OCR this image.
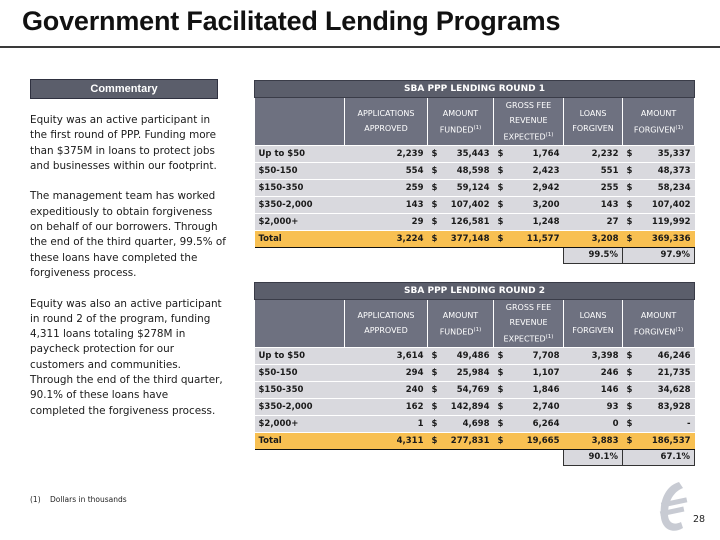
Government Facilitated Lending Programs
Commentary

Equity was an active participant in the first round of PPP. Funding more than $375M in loans to protect jobs and businesses within our footprint.

The management team has worked expeditiously to obtain forgiveness on behalf of our borrowers. Through the end of the third quarter, 99.5% of these loans have completed the forgiveness process.

Equity was also an active participant in round 2 of the program, funding 4,311 loans totaling $278M in paycheck protection for our customers and communities. Through the end of the third quarter, 90.1% of these loans have completed the forgiveness process.

SBA PPP LENDING ROUND 1								
	APPLICATIONS APPROVED	AMOUNT FUNDED$^{(1)}$		GROSS FEE REVENUE EXPECTED$^{(1)}$		LOANS FORGIVEN	AMOUNT FORGIVEN$^{(1)}$
Up to $50	2,239	$	35,443	$	1,764	2,232	$	35,337
$50-150	554	$	48,598	$	2,423	551	$	48,373
$150-350	259	$	59,124	$	2,942	255	$	58,234
$350-2,000	143	$	107,402	$	3,200	143	$	107,402
$2,000+	29	$	126,581	$	1,248	27	$	119,992
Total	3,224	$	377,148	$	11,577	3,208	$	369,336
						99.5%	97.9%	
SBA PPP LENDING ROUND 2								
	APPLICATIONS APPROVED	AMOUNT FUNDED$^{(1)}$		GROSS FEE REVENUE EXPECTED$^{(1)}$		LOANS FORGIVEN	AMOUNT FORGIVEN$^{(1)}$
Up to $50	3,614	$	49,486	$	7,708	3,398	$	46,246
$50-150	294	$	25,984	$	1,107	246	$	21,735
$150-350	240	$	54,769	$	1,846	146	$	34,628
$350-2,000	162	$	142,894	$	2,740	93	$	83,928
$2,000+	1	$	4,698	$	6,264	0	$	-
Total	4,311	$	277,831	$	19,665	3,883	$	186,537
						90.1%	67.1%	
(1) Dollars in thousands
28
